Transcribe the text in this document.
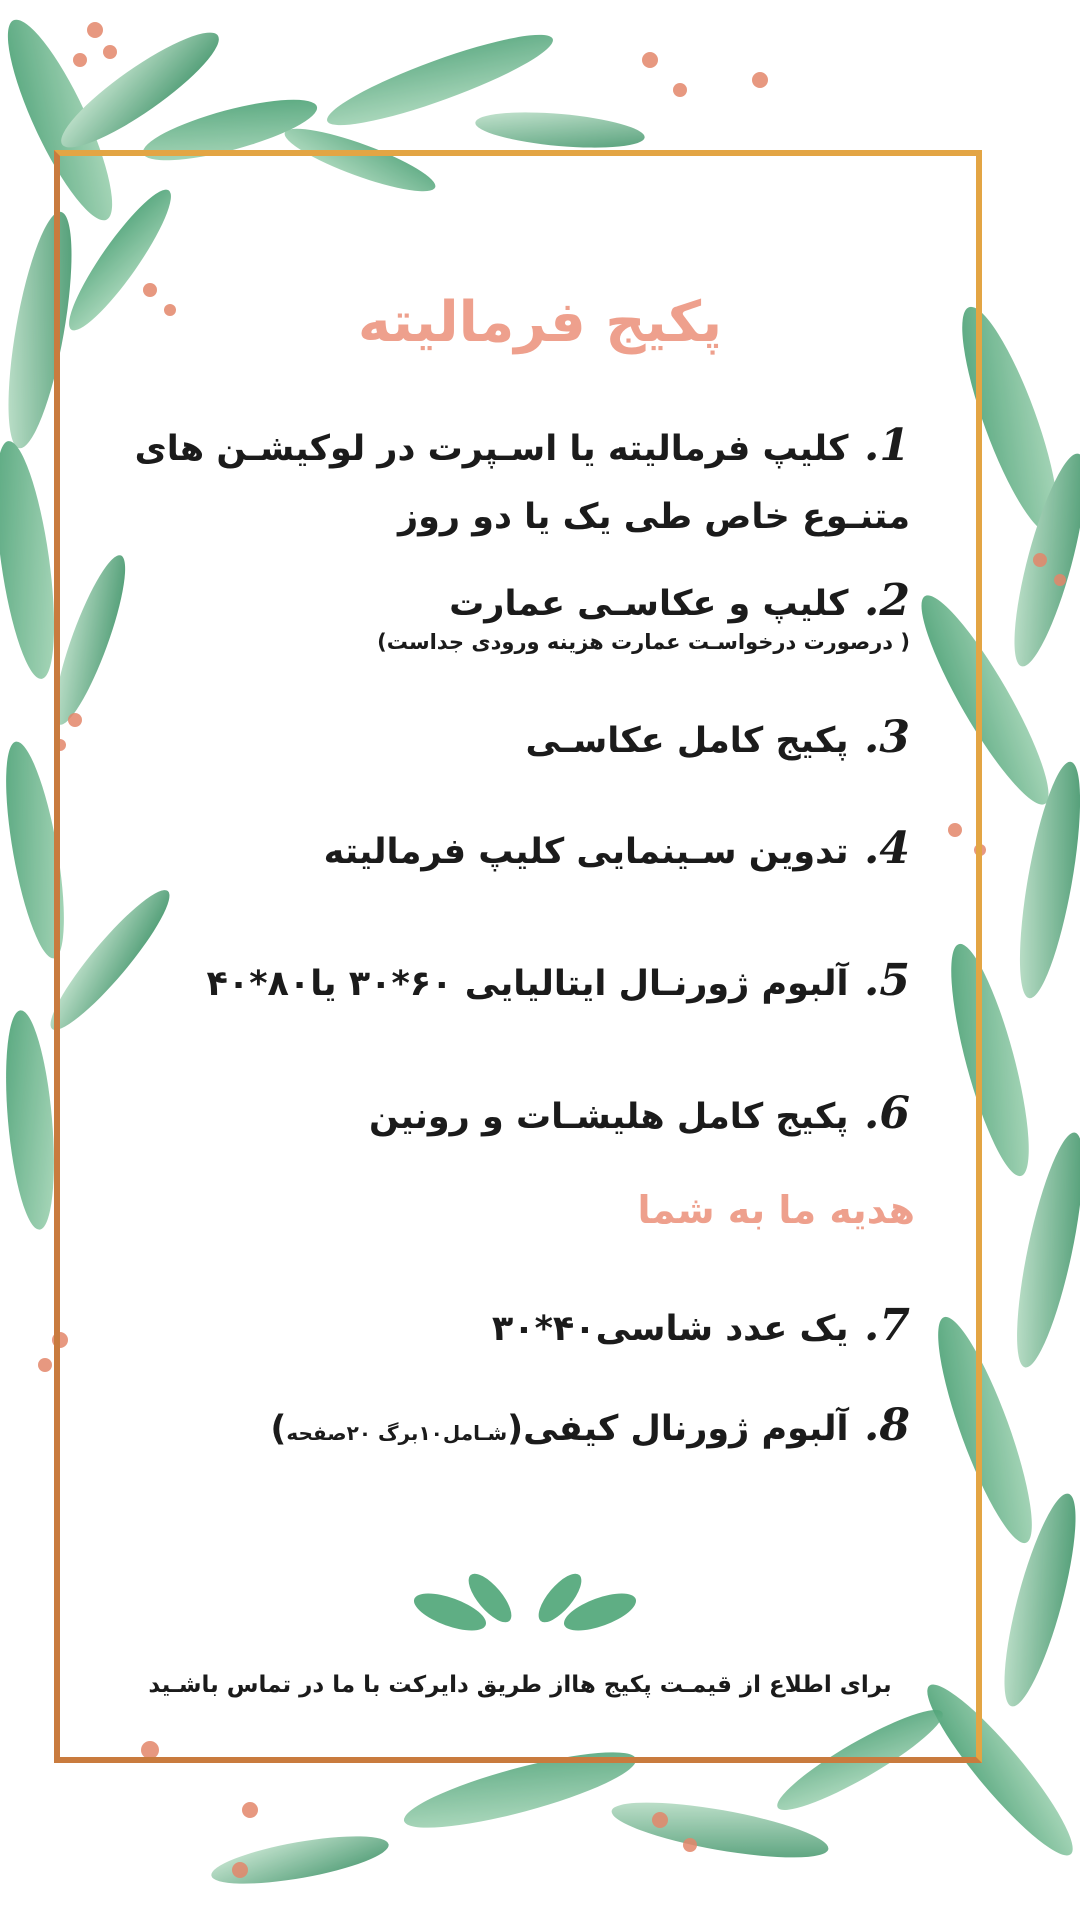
پکیج فرمالیته
1. کلیپ فرمالیته یا اسـپرت در لوکیشـن های
متنـوع خاص طی یک یا دو روز
2. کلیپ و عکاسـی عمارت
( درصورت درخواسـت عمارت هزینه ورودی جداست)
3. پکیج کامل عکاسـی
4. تدوین سـینمایی کلیپ فرمالیته
5. آلبوم ژورنـال ایتالیایی ۶۰*۳۰ یا۸۰*۴۰
6. پکیج کامل هلیشـات و رونین
هدیه ما به شما
7. یک عدد شاسی۴۰*۳۰
8. آلبوم ژورنال کیفی(شـامل۱۰برگ ۲۰صفحه)
برای اطلاع از قیمـت پکیج هااز طریق دایرکت با ما در تماس باشـید
